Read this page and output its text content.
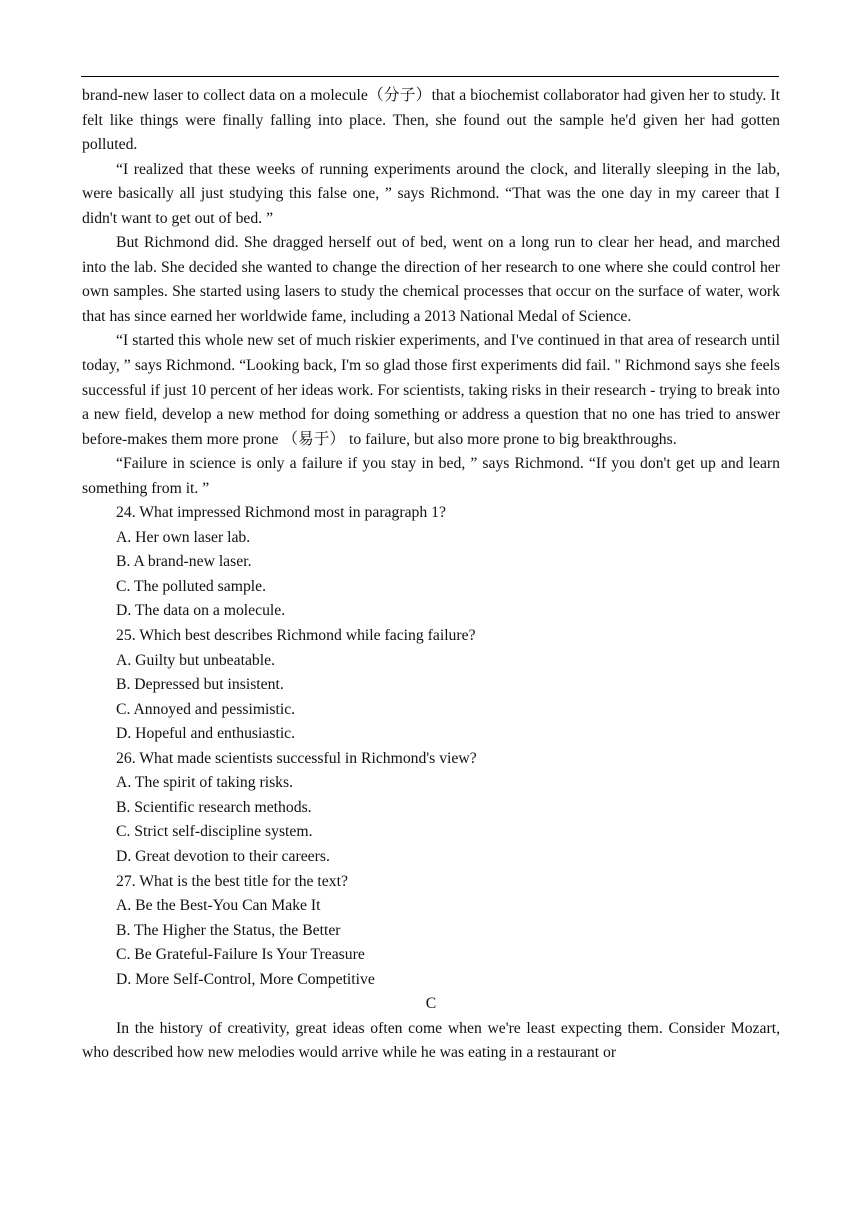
brand-new laser to collect data on a molecule（分子）that a biochemist collaborator had given her to study. It felt like things were finally falling into place. Then, she found out the sample he'd given her had gotten polluted.

“I realized that these weeks of running experiments around the clock, and literally sleeping in the lab, were basically all just studying this false one, ” says Richmond. “That was the one day in my career that I didn't want to get out of bed. ”

But Richmond did. She dragged herself out of bed, went on a long run to clear her head, and marched into the lab. She decided she wanted to change the direction of her research to one where she could control her own samples. She started using lasers to study the chemical processes that occur on the surface of water, work that has since earned her worldwide fame, including a 2013 National Medal of Science.

“I started this whole new set of much riskier experiments, and I've continued in that area of research until today, ” says Richmond. “Looking back, I'm so glad those first experiments did fail. " Richmond says she feels successful if just 10 percent of her ideas work. For scientists, taking risks in their research - trying to break into a new field, develop a new method for doing something or address a question that no one has tried to answer before-makes them more prone （易于） to failure, but also more prone to big breakthroughs.

“Failure in science is only a failure if you stay in bed, ” says Richmond. “If you don't get up and learn something from it. ”

24. What impressed Richmond most in paragraph 1?

A. Her own laser lab.

B. A brand-new laser.

C. The polluted sample.

D. The data on a molecule.

25. Which best describes Richmond while facing failure?

A. Guilty but unbeatable.

B. Depressed but insistent.

C. Annoyed and pessimistic.

D. Hopeful and enthusiastic.

26. What made scientists successful in Richmond's view?

A. The spirit of taking risks.

B. Scientific research methods.

C. Strict self-discipline system.

D. Great devotion to their careers.

27. What is the best title for the text?

A. Be the Best-You Can Make It

B. The Higher the Status, the Better

C. Be Grateful-Failure Is Your Treasure

D. More Self-Control, More Competitive

C

In the history of creativity, great ideas often come when we're least expecting them. Consider Mozart, who described how new melodies would arrive while he was eating in a restaurant or
